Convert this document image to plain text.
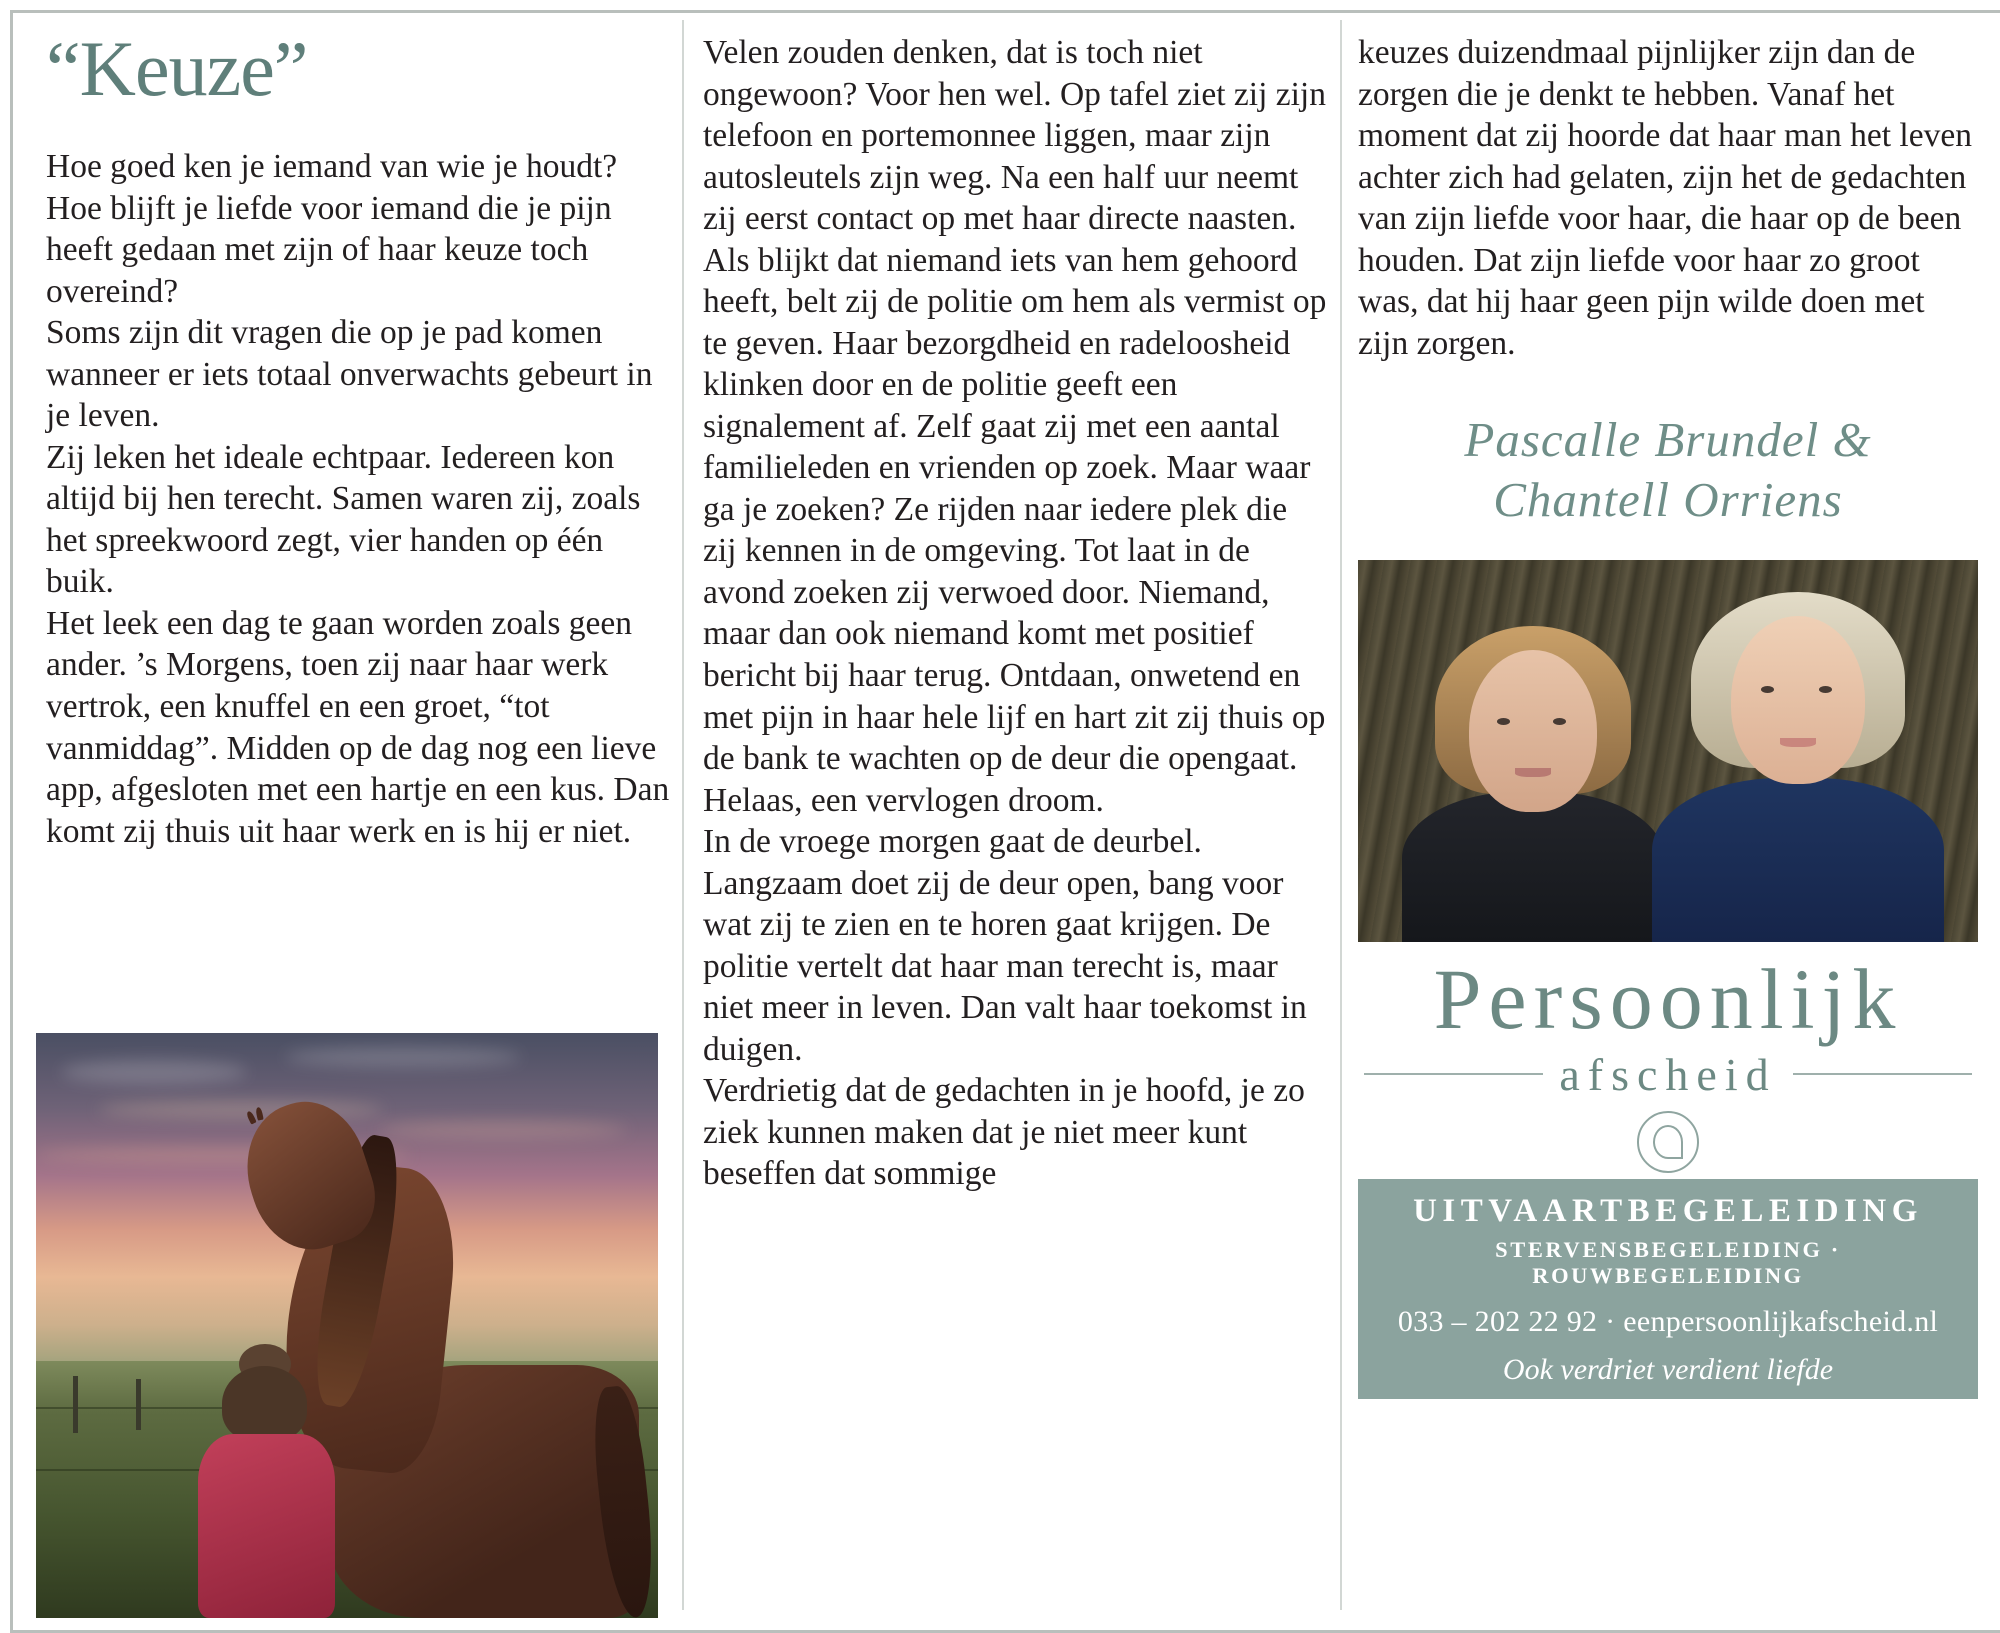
“Keuze”

Hoe goed ken je iemand van wie je houdt? Hoe blijft je liefde voor iemand die je pijn heeft gedaan met zijn of haar keuze toch overeind?

Soms zijn dit vragen die op je pad komen wanneer er iets totaal onverwachts gebeurt in je leven.

Zij leken het ideale echtpaar. Iedereen kon altijd bij hen terecht. Samen waren zij, zoals het spreekwoord zegt, vier handen op één buik.

Het leek een dag te gaan worden zoals geen ander. ’s Morgens, toen zij naar haar werk vertrok, een knuffel en een groet, “tot vanmiddag”. Midden op de dag nog een lieve app, afgesloten met een hartje en een kus. Dan komt zij thuis uit haar werk en is hij er niet.

Velen zouden denken, dat is toch niet ongewoon? Voor hen wel. Op tafel ziet zij zijn telefoon en portemonnee liggen, maar zijn autosleutels zijn weg. Na een half uur neemt zij eerst contact op met haar directe naasten.

Als blijkt dat niemand iets van hem gehoord heeft, belt zij de politie om hem als vermist op te geven. Haar bezorgdheid en radeloosheid klinken door en de politie geeft een signalement af. Zelf gaat zij met een aantal familieleden en vrienden op zoek. Maar waar ga je zoeken? Ze rijden naar iedere plek die zij kennen in de omgeving. Tot laat in de avond zoeken zij verwoed door. Niemand, maar dan ook niemand komt met positief bericht bij haar terug. Ontdaan, onwetend en met pijn in haar hele lijf en hart zit zij thuis op de bank te wachten op de deur die opengaat. Helaas, een vervlogen droom.

In de vroege morgen gaat de deurbel. Langzaam doet zij de deur open, bang voor wat zij te zien en te horen gaat krijgen. De politie vertelt dat haar man terecht is, maar niet meer in leven. Dan valt haar toekomst in duigen.

Verdrietig dat de gedachten in je hoofd, je zo ziek kunnen maken dat je niet meer kunt beseffen dat sommige

keuzes duizendmaal pijnlijker zijn dan de zorgen die je denkt te hebben. Vanaf het moment dat zij hoorde dat haar man het leven achter zich had gelaten, zijn het de gedachten van zijn liefde voor haar, die haar op de been houden. Dat zijn liefde voor haar zo groot was, dat hij haar geen pijn wilde doen met zijn zorgen.

Pascalle Brundel &
Chantell Orriens
Persoonlijk
afscheid
UITVAARTBEGELEIDING
STERVENSBEGELEIDING · ROUWBEGELEIDING
033 – 202 22 92 · eenpersoonlijkafscheid.nl
Ook verdriet verdient liefde
